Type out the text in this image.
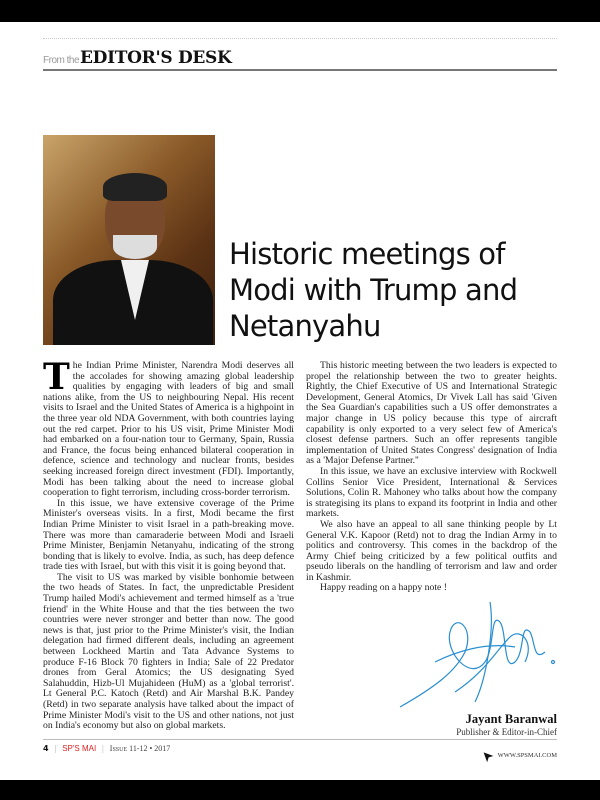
From the EDITOR'S DESK
Historic meetings of Modi with Trump and Netanyahu

The Indian Prime Minister, Narendra Modi deserves all the accolades for showing amazing global leadership qualities by engaging with leaders of big and small nations alike, from the US to neighbouring Nepal. His recent visits to Israel and the United States of America is a highpoint in the three year old NDA Government, with both countries laying out the red carpet. Prior to his US visit, Prime Minister Modi had embarked on a four-nation tour to Germany, Spain, Russia and France, the focus being enhanced bilateral cooperation in defence, science and technology and nuclear fronts, besides seeking increased foreign direct investment (FDI). Importantly, Modi has been talking about the need to increase global cooperation to fight terrorism, including cross-border terrorism.

In this issue, we have extensive coverage of the Prime Minister's overseas visits. In a first, Modi became the first Indian Prime Minister to visit Israel in a path-breaking move. There was more than camaraderie between Modi and Israeli Prime Minister, Benjamin Netanyahu, indicating of the strong bonding that is likely to evolve. India, as such, has deep defence trade ties with Israel, but with this visit it is going beyond that.

The visit to US was marked by visible bonhomie between the two heads of States. In fact, the unpredictable President Trump hailed Modi's achievement and termed himself as a 'true friend' in the White House and that the ties between the two countries were never stronger and better than now. The good news is that, just prior to the Prime Minister's visit, the Indian delegation had firmed different deals, including an agreement between Lockheed Martin and Tata Advance Systems to produce F-16 Block 70 fighters in India; Sale of 22 Predator drones from Geral Atomics; the US designating Syed Salahuddin, Hizb-Ul Mujahideen (HuM) as a 'global terrorist'. Lt General P.C. Katoch (Retd) and Air Marshal B.K. Pandey (Retd) in two separate analysis have talked about the impact of Prime Minister Modi's visit to the US and other nations, not just on India's economy but also on global markets.

This historic meeting between the two leaders is expected to propel the relationship between the two to greater heights. Rightly, the Chief Executive of US and International Strategic Development, General Atomics, Dr Vivek Lall has said 'Given the Sea Guardian's capabilities such a US offer demonstrates a major change in US policy because this type of aircraft capability is only exported to a very select few of America's closest defense partners. Such an offer represents tangible implementation of United States Congress' designation of India as a 'Major Defense Partner.''

In this issue, we have an exclusive interview with Rockwell Collins Senior Vice President, International & Services Solutions, Colin R. Mahoney who talks about how the company is strategising its plans to expand its footprint in India and other markets.

We also have an appeal to all sane thinking people by Lt General V.K. Kapoor (Retd) not to drag the Indian Army in to politics and controversy. This comes in the backdrop of the Army Chief being criticized by a few political outfits and pseudo liberals on the handling of terrorism and law and order in Kashmir.

Happy reading on a happy note !

Jayant Baranwal
Publisher & Editor-in-Chief
4 | SP'S MAI | Issue 11-12 • 2017	➤ WWW.SPSMAI.COM
